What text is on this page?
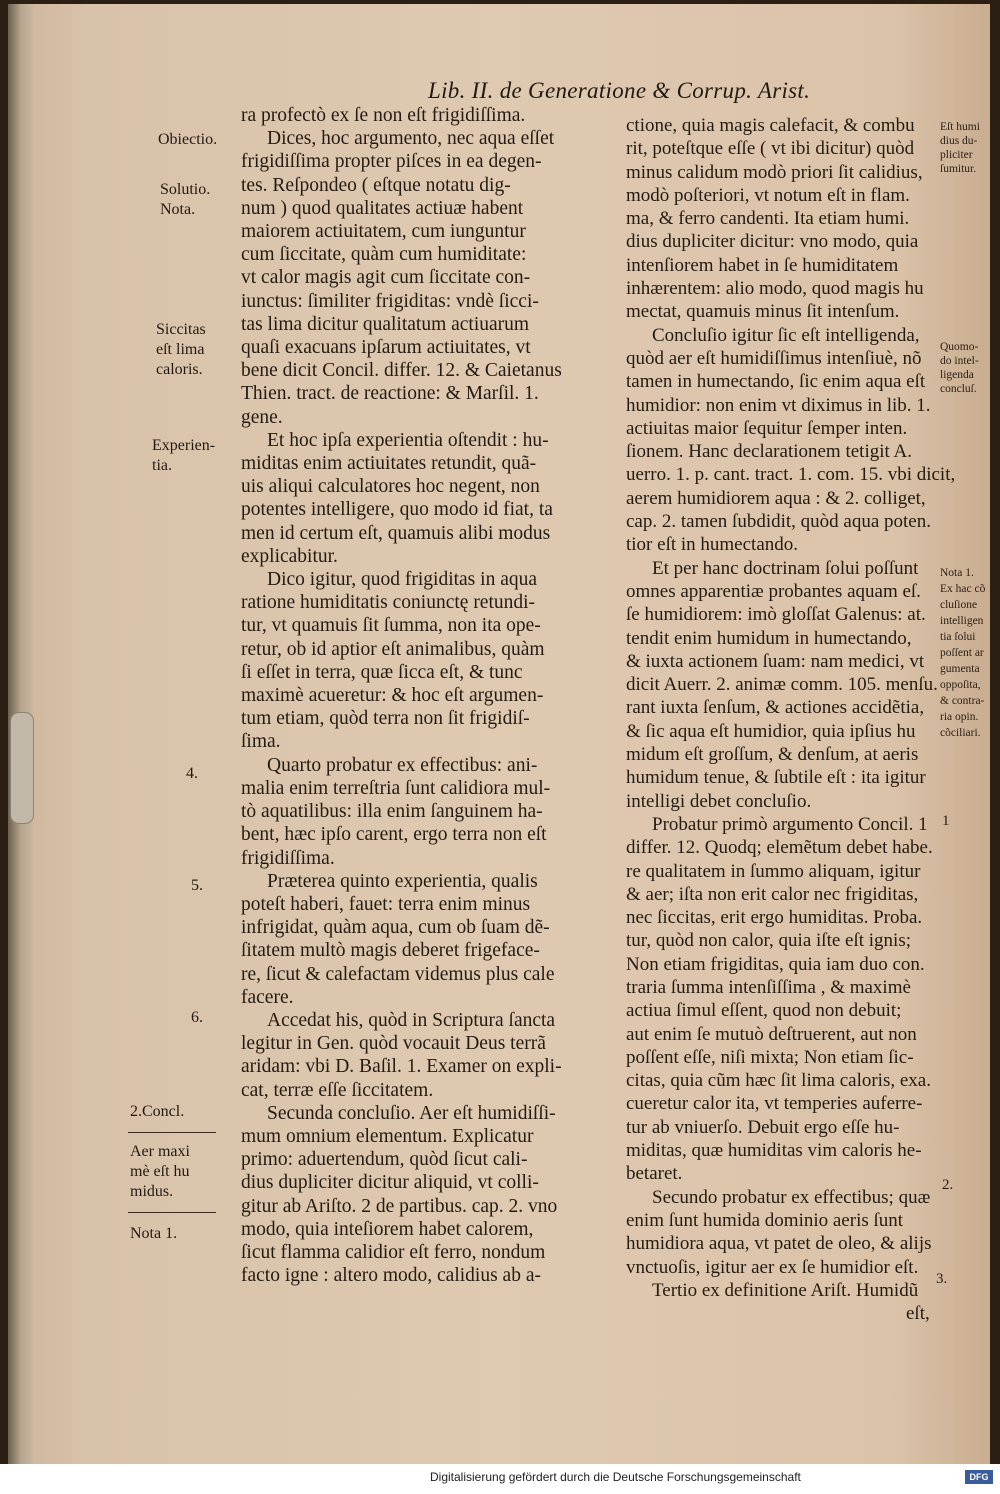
Lib. II. de Generatione & Corrup. Arist.
ra profectò ex ſe non eſt frigidiſſima.
Dices, hoc argumento, nec aqua eſſet
frigidiſſima propter piſces in ea degen-
tes. Reſpondeo ( eſtque notatu dig-
num ) quod qualitates actiuæ habent
maiorem actiuitatem, cum iunguntur
cum ſiccitate, quàm cum humiditate:
vt calor magis agit cum ſiccitate con-
iunctus: ſimiliter frigiditas: vndè ſicci-
tas lima dicitur qualitatum actiuarum
quaſi exacuans ipſarum actiuitates, vt
bene dicit Concil. differ. 12. & Caietanus
Thien. tract. de reactione: & Marſil. 1.
gene.
Et hoc ipſa experientia oſtendit : hu-
miditas enim actiuitates retundit, quã-
uis aliqui calculatores hoc negent, non
potentes intelligere, quo modo id fiat, ta
men id certum eſt, quamuis alibi modus
explicabitur.
Dico igitur, quod frigiditas in aqua
ratione humiditatis coniunctę retundi-
tur, vt quamuis ſit ſumma, non ita ope-
retur, ob id aptior eſt animalibus, quàm
ſi eſſet in terra, quæ ſicca eſt, & tunc
maximè acueretur: & hoc eſt argumen-
tum etiam, quòd terra non ſit frigidiſ-
ſima.
Quarto probatur ex effectibus: ani-
malia enim terreſtria ſunt calidiora mul-
tò aquatilibus: illa enim ſanguinem ha-
bent, hæc ipſo carent, ergo terra non eſt
frigidiſſima.
Præterea quinto experientia, qualis
poteſt haberi, fauet: terra enim minus
infrigidat, quàm aqua, cum ob ſuam dẽ-
ſitatem multò magis deberet frigeface-
re, ſicut & calefactam videmus plus cale
facere.
Accedat his, quòd in Scriptura ſancta
legitur in Gen. quòd vocauit Deus terrã
aridam: vbi D. Baſil. 1. Examer on expli-
cat, terræ eſſe ſiccitatem.
Secunda concluſio. Aer eſt humidiſſi-
mum omnium elementum. Explicatur
primo: aduertendum, quòd ſicut cali-
dius dupliciter dicitur aliquid, vt colli-
gitur ab Ariſto. 2 de partibus. cap. 2. vno
modo, quia inteſiorem habet calorem,
ſicut flamma calidior eſt ferro, nondum
facto igne : altero modo, calidius ab a-
ctione, quia magis calefacit, & combu
rit, poteſtque eſſe ( vt ibi dicitur) quòd
minus calidum modò priori ſit calidius,
modò poſteriori, vt notum eſt in flam.
ma, & ferro candenti. Ita etiam humi.
dius dupliciter dicitur: vno modo, quia
intenſiorem habet in ſe humiditatem
inhærentem: alio modo, quod magis hu
mectat, quamuis minus ſit intenſum.
Concluſio igitur ſic eſt intelligenda,
quòd aer eſt humidiſſimus intenſiuè, nõ
tamen in humectando, ſic enim aqua eſt
humidior: non enim vt diximus in lib. 1.
actiuitas maior ſequitur ſemper inten.
ſionem. Hanc declarationem tetigit A.
uerro. 1. p. cant. tract. 1. com. 15. vbi dicit,
aerem humidiorem aqua : & 2. colliget,
cap. 2. tamen ſubdidit, quòd aqua poten.
tior eſt in humectando.
Et per hanc doctrinam ſolui poſſunt
omnes apparentiæ probantes aquam eſ.
ſe humidiorem: imò gloſſat Galenus: at.
tendit enim humidum in humectando,
& iuxta actionem ſuam: nam medici, vt
dicit Auerr. 2. animæ comm. 105. menſu.
rant iuxta ſenſum, & actiones accidẽtia,
& ſic aqua eſt humidior, quia ipſius hu
midum eſt groſſum, & denſum, at aeris
humidum tenue, & ſubtile eſt : ita igitur
intelligi debet concluſio.
Probatur primò argumento Concil. 1
differ. 12. Quodq; elemẽtum debet habe.
re qualitatem in ſummo aliquam, igitur
& aer; iſta non erit calor nec frigiditas,
nec ſiccitas, erit ergo humiditas. Proba.
tur, quòd non calor, quia iſte eſt ignis;
Non etiam frigiditas, quia iam duo con.
traria ſumma intenſiſſima , & maximè
actiua ſimul eſſent, quod non debuit;
aut enim ſe mutuò deſtruerent, aut non
poſſent eſſe, niſi mixta; Non etiam ſic-
citas, quia cũm hæc ſit lima caloris, exa.
cueretur calor ita, vt temperies auferre-
tur ab vniuerſo. Debuit ergo eſſe hu-
miditas, quæ humiditas vim caloris he-
betaret.
Secundo probatur ex effectibus; quæ
enim ſunt humida dominio aeris ſunt
humidiora aqua, vt patet de oleo, & alijs
vnctuoſis, igitur aer ex ſe humidior eſt.
Tertio ex definitione Ariſt. Humidũ
eſt,
Obiectio.
Solutio.
Nota.
Siccitas
eſt lima
caloris.
Experien-
tia.
4.
5.
6.
2.Concl.
Aer maxi
mè eſt hu
midus.
Nota 1.
Eſt humi
dius du-
pliciter
ſumitur.
Quomo-
do intel-
ligenda
concluſ.
Nota 1.
Ex hac cõ
cluſione
intelligen
tia ſolui
poſſent ar
gumenta
oppoſita,
& contra-
ria opin.
cõciliari.
1
2.
3.
Digitalisierung gefördert durch die Deutsche Forschungsgemeinschaft	DFG
